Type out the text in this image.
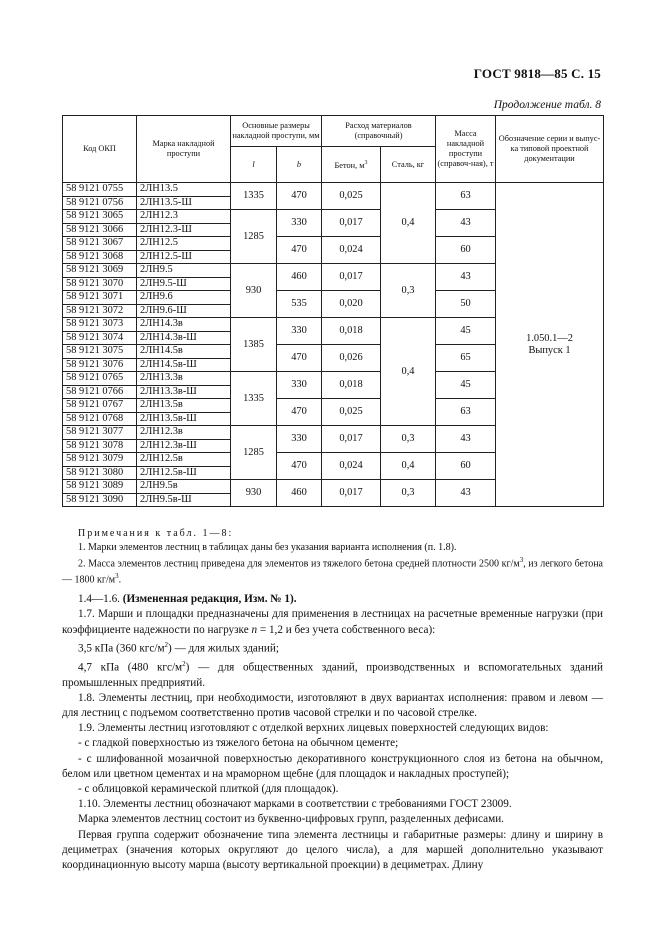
ГОСТ 9818—85 С. 15
Продолжение табл. 8
Код ОКП	Марка накладной проступи	Основные размеры накладной проступи, мм		Расход материалов (справочный)		Масса накладной проступи (справоч-ная), т	Обозначение серии и выпус-ка типовой проектной документации
		l	b	Бетон, $м^3$	Сталь, кг		
58 9121 0755	2ЛН13.5	1335	470	0,025	0,4	63	1.050.1—2
Выпуск 1

58 9121 0756	2ЛН13.5-Ш						
58 9121 3065	2ЛН12.3	1285	330	0,017		43	
58 9121 3066	2ЛН12.3-Ш						
58 9121 3067	2ЛН12.5		470	0,024		60	
58 9121 3068	2ЛН12.5-Ш						
58 9121 3069	2ЛН9.5	930	460	0,017	0,3	43	
58 9121 3070	2ЛН9.5-Ш						
58 9121 3071	2ЛН9.6		535	0,020		50	
58 9121 3072	2ЛН9.6-Ш						
58 9121 3073	2ЛН14.3в	1385	330	0,018	0,4	45	
58 9121 3074	2ЛН14.3в-Ш						
58 9121 3075	2ЛН14.5в		470	0,026		65	
58 9121 3076	2ЛН14.5в-Ш						
58 9121 0765	2ЛН13.3в	1335	330	0,018		45	
58 9121 0766	2ЛН13.3в-Ш						
58 9121 0767	2ЛН13.5в		470	0,025		63	
58 9121 0768	2ЛН13.5в-Ш						
58 9121 3077	2ЛН12.3в	1285	330	0,017	0,3	43	
58 9121 3078	2ЛН12.3в-Ш						
58 9121 3079	2ЛН12.5в		470	0,024	0,4	60	
58 9121 3080	2ЛН12.5в-Ш						
58 9121 3089	2ЛН9.5в	930	460	0,017	0,3	43	
58 9121 3090	2ЛН9.5в-Ш						

Примечания к табл. 1—8:

1. Марки элементов лестниц в таблицах даны без указания варианта исполнения (п. 1.8).

2. Масса элементов лестниц приведена для элементов из тяжелого бетона средней плотности 2500 $кг/м^3$, из легкого бетона — 1800 $кг/м^3$.

1.4—1.6. (Измененная редакция, Изм. № 1).

1.7. Марши и площадки предназначены для применения в лестницах на расчетные временные нагрузки (при коэффициенте надежности по нагрузке n = 1,2 и без учета собственного веса):

3,5 кПа (360 кгс/$м^2$) — для жилых зданий;

4,7 кПа (480 кгс/$м^2$) — для общественных зданий, производственных и вспомогательных зданий промышленных предприятий.

1.8. Элементы лестниц, при необходимости, изготовляют в двух вариантах исполнения: правом и левом — для лестниц с подъемом соответственно против часовой стрелки и по часовой стрелке.

1.9. Элементы лестниц изготовляют с отделкой верхних лицевых поверхностей следующих видов:

- с гладкой поверхностью из тяжелого бетона на обычном цементе;

- с шлифованной мозаичной поверхностью декоративного конструкционного слоя из бетона на обычном, белом или цветном цементах и на мраморном щебне (для площадок и накладных проступей);

- с облицовкой керамической плиткой (для площадок).

1.10. Элементы лестниц обозначают марками в соответствии с требованиями ГОСТ 23009.

Марка элементов лестниц состоит из буквенно-цифровых групп, разделенных дефисами.

Первая группа содержит обозначение типа элемента лестницы и габаритные размеры: длину и ширину в дециметрах (значения которых округляют до целого числа), а для маршей дополнительно указывают координационную высоту марша (высоту вертикальной проекции) в дециметрах. Длину
